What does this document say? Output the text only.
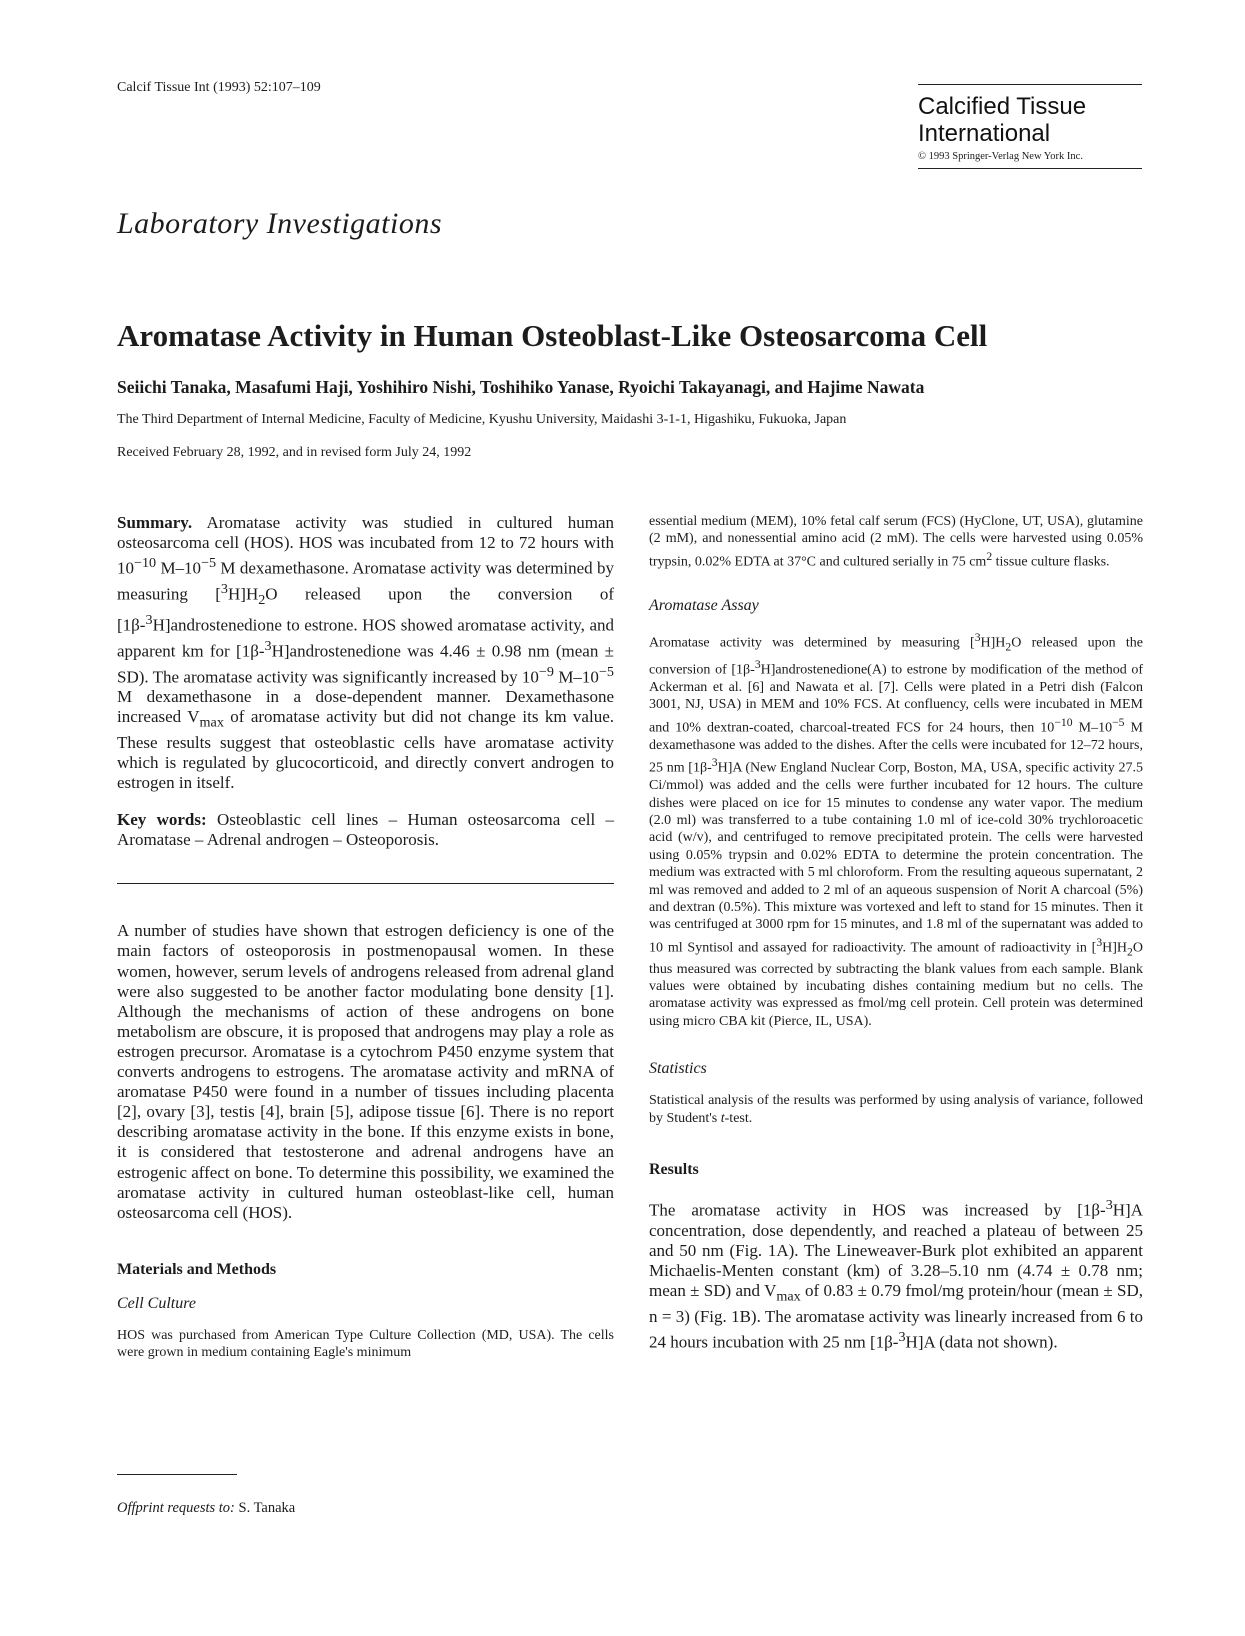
Calcif Tissue Int (1993) 52:107–109
Calcified Tissue
International
© 1993 Springer-Verlag New York Inc.
Laboratory Investigations
Aromatase Activity in Human Osteoblast-Like Osteosarcoma Cell
Seiichi Tanaka, Masafumi Haji, Yoshihiro Nishi, Toshihiko Yanase, Ryoichi Takayanagi, and Hajime Nawata
The Third Department of Internal Medicine, Faculty of Medicine, Kyushu University, Maidashi 3-1-1, Higashiku, Fukuoka, Japan
Received February 28, 1992, and in revised form July 24, 1992

Summary. Aromatase activity was studied in cultured human osteosarcoma cell (HOS). HOS was incubated from 12 to 72 hours with $10^{-10}$ $M-10^{-5}$ M dexamethasone. Aromatase activity was determined by measuring $[^3H]H_2O$ released upon the conversion of [1β-$^3$H]androstenedione to estrone. HOS showed aromatase activity, and apparent km for [1β-$^3$H]androstenedione was 4.46 ± 0.98 nm (mean ± SD). The aromatase activity was significantly increased by $10^{-9}$ $M-10^{-5}$ M dexamethasone in a dose-dependent manner. Dexamethasone increased $V_{max}$ of aromatase activity but did not change its km value. These results suggest that osteoblastic cells have aromatase activity which is regulated by glucocorticoid, and directly convert androgen to estrogen in itself.

Key words: Osteoblastic cell lines – Human osteosarcoma cell – Aromatase – Adrenal androgen – Osteoporosis.

A number of studies have shown that estrogen deficiency is one of the main factors of osteoporosis in postmenopausal women. In these women, however, serum levels of androgens released from adrenal gland were also suggested to be another factor modulating bone density [1]. Although the mechanisms of action of these androgens on bone metabolism are obscure, it is proposed that androgens may play a role as estrogen precursor. Aromatase is a cytochrom P450 enzyme system that converts androgens to estrogens. The aromatase activity and mRNA of aromatase P450 were found in a number of tissues including placenta [2], ovary [3], testis [4], brain [5], adipose tissue [6]. There is no report describing aromatase activity in the bone. If this enzyme exists in bone, it is considered that testosterone and adrenal androgens have an estrogenic affect on bone. To determine this possibility, we examined the aromatase activity in cultured human osteoblast-like cell, human osteosarcoma cell (HOS).

Materials and Methods
Cell Culture

HOS was purchased from American Type Culture Collection (MD, USA). The cells were grown in medium containing Eagle's minimum

essential medium (MEM), 10% fetal calf serum (FCS) (HyClone, UT, USA), glutamine (2 mM), and nonessential amino acid (2 mM). The cells were harvested using 0.05% trypsin, 0.02% EDTA at 37°C and cultured serially in 75 $cm^2$ tissue culture flasks.

Aromatase Assay

Aromatase activity was determined by measuring $[^3H]H_2O$ released upon the conversion of [1β-$^3$H]androstenedione(A) to estrone by modification of the method of Ackerman et al. [6] and Nawata et al. [7]. Cells were plated in a Petri dish (Falcon 3001, NJ, USA) in MEM and 10% FCS. At confluency, cells were incubated in MEM and 10% dextran-coated, charcoal-treated FCS for 24 hours, then $10^{-10}$ $M-10^{-5}$ M dexamethasone was added to the dishes. After the cells were incubated for 12–72 hours, 25 nm [1β-$^3$H]A (New England Nuclear Corp, Boston, MA, USA, specific activity 27.5 Ci/mmol) was added and the cells were further incubated for 12 hours. The culture dishes were placed on ice for 15 minutes to condense any water vapor. The medium (2.0 ml) was transferred to a tube containing 1.0 ml of ice-cold 30% trychloroacetic acid (w/v), and centrifuged to remove precipitated protein. The cells were harvested using 0.05% trypsin and 0.02% EDTA to determine the protein concentration. The medium was extracted with 5 ml chloroform. From the resulting aqueous supernatant, 2 ml was removed and added to 2 ml of an aqueous suspension of Norit A charcoal (5%) and dextran (0.5%). This mixture was vortexed and left to stand for 15 minutes. Then it was centrifuged at 3000 rpm for 15 minutes, and 1.8 ml of the supernatant was added to 10 ml Syntisol and assayed for radioactivity. The amount of radioactivity in $[^3H]H_2O$ thus measured was corrected by subtracting the blank values from each sample. Blank values were obtained by incubating dishes containing medium but no cells. The aromatase activity was expressed as fmol/mg cell protein. Cell protein was determined using micro CBA kit (Pierce, IL, USA).

Statistics

Statistical analysis of the results was performed by using analysis of variance, followed by Student's t-test.

Results

The aromatase activity in HOS was increased by [1β-$^3$H]A concentration, dose dependently, and reached a plateau of between 25 and 50 nm (Fig. 1A). The Lineweaver-Burk plot exhibited an apparent Michaelis-Menten constant (km) of 3.28–5.10 nm (4.74 ± 0.78 nm; mean ± SD) and $V_{max}$ of 0.83 ± 0.79 fmol/mg protein/hour (mean ± SD, n = 3) (Fig. 1B). The aromatase activity was linearly increased from 6 to 24 hours incubation with 25 nm [1β-$^3$H]A (data not shown).

Offprint requests to: S. Tanaka
